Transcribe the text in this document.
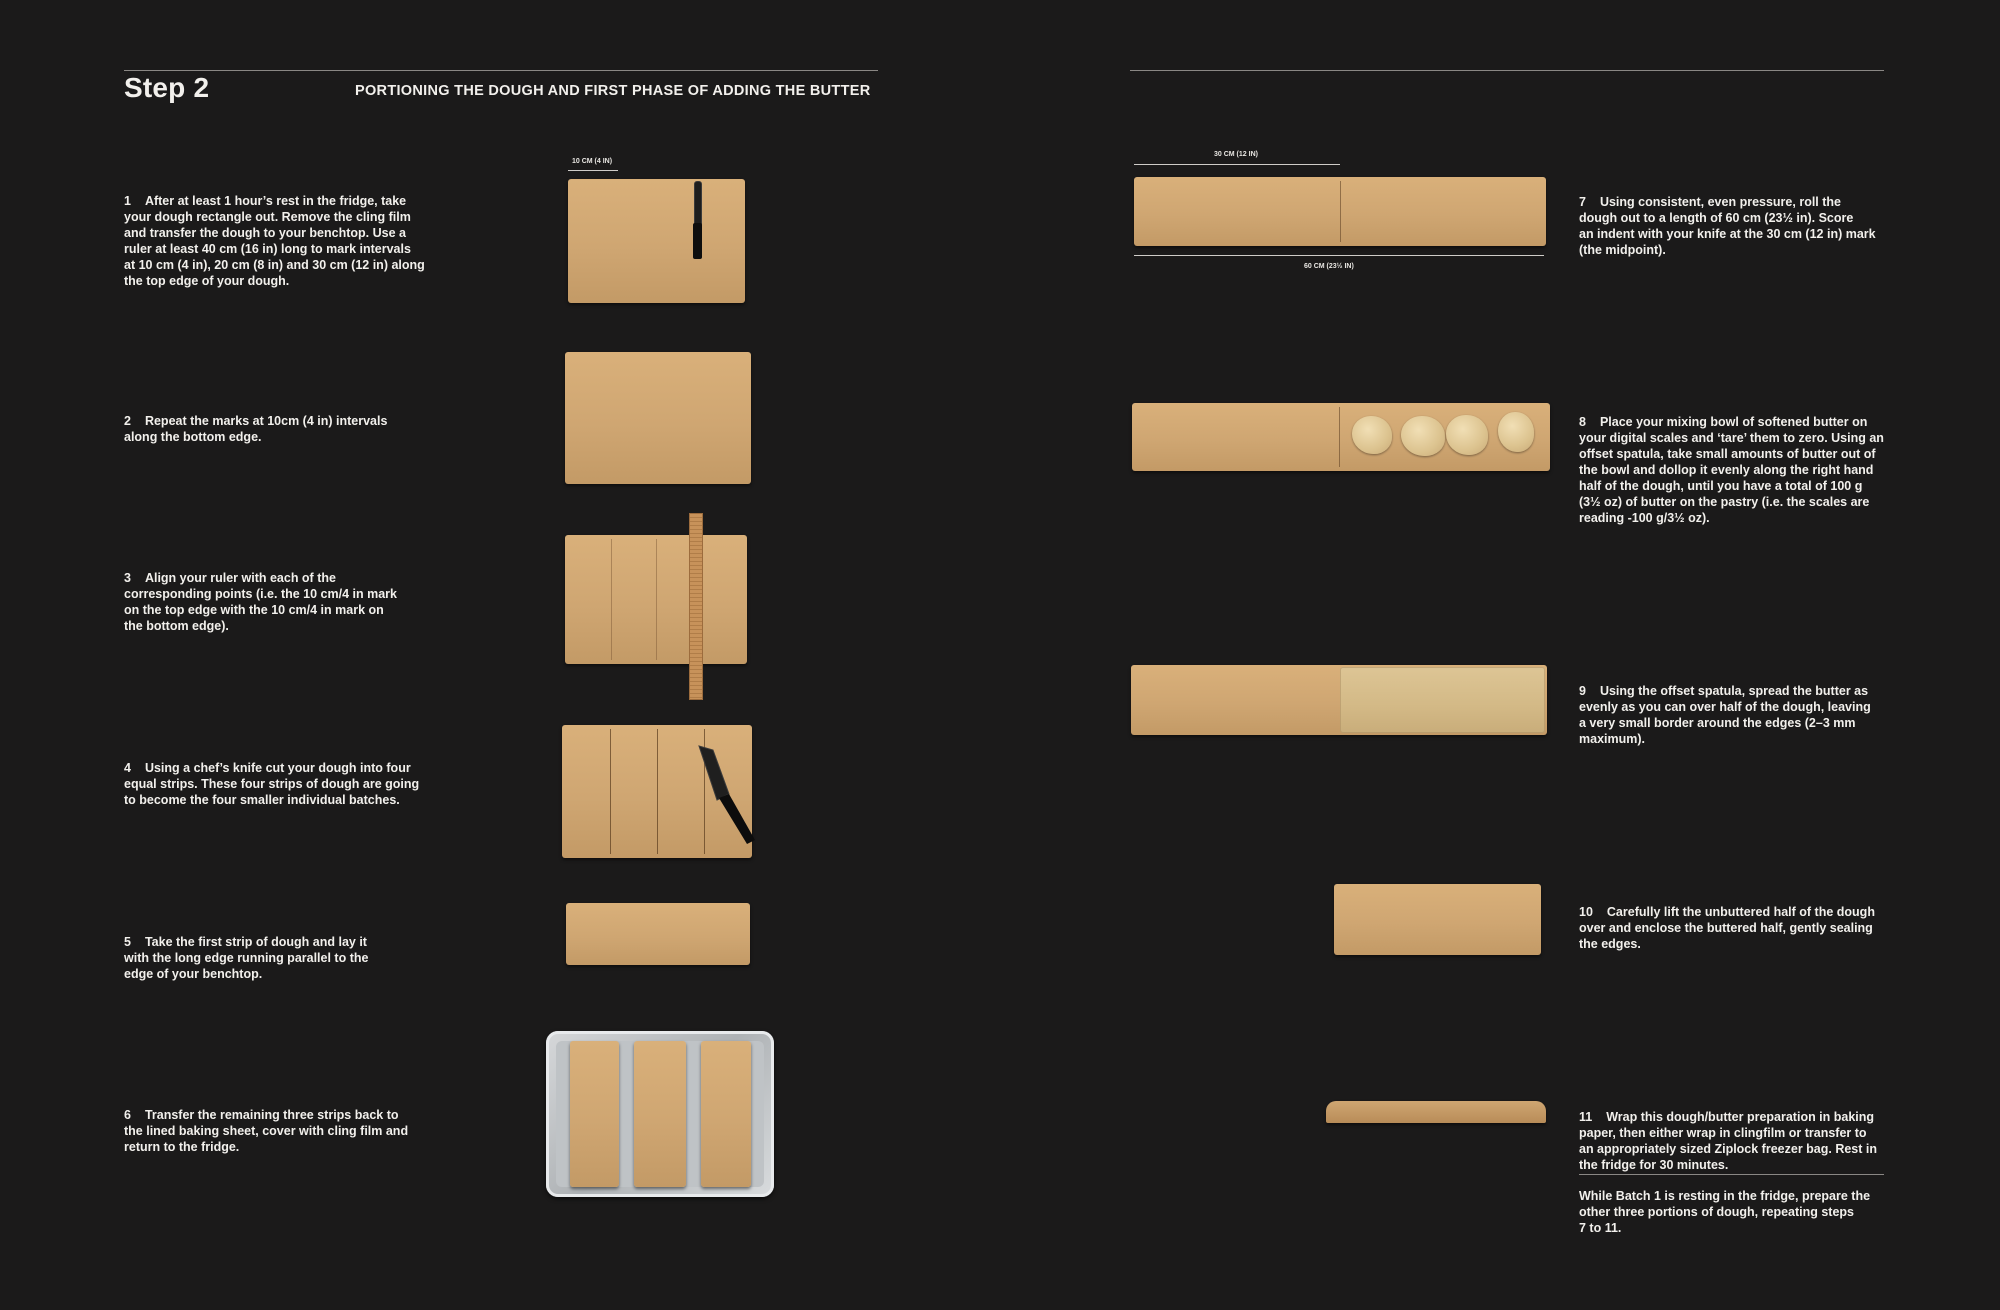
Step 2	PORTIONING THE DOUGH AND FIRST PHASE OF ADDING THE BUTTER

1 After at least 1 hour’s rest in the fridge, take
your dough rectangle out. Remove the cling film
and transfer the dough to your benchtop. Use a
ruler at least 40 cm (16 in) long to mark intervals
at 10 cm (4 in), 20 cm (8 in) and 30 cm (12 in) along
the top edge of your dough.

2 Repeat the marks at 10cm (4 in) intervals
along the bottom edge.

3 Align your ruler with each of the
corresponding points (i.e. the 10 cm/4 in mark
on the top edge with the 10 cm/4 in mark on
the bottom edge).

4 Using a chef’s knife cut your dough into four
equal strips. These four strips of dough are going
to become the four smaller individual batches.

5 Take the first strip of dough and lay it
with the long edge running parallel to the
edge of your benchtop.

6 Transfer the remaining three strips back to
the lined baking sheet, cover with cling film and
return to the fridge.

10 CM (4 IN)
30 CM (12 IN)
60 CM (23½ IN)

7 Using consistent, even pressure, roll the
dough out to a length of 60 cm (23½ in). Score
an indent with your knife at the 30 cm (12 in) mark
(the midpoint).

8 Place your mixing bowl of softened butter on
your digital scales and ‘tare’ them to zero. Using an
offset spatula, take small amounts of butter out of
the bowl and dollop it evenly along the right hand
half of the dough, until you have a total of 100 g
(3½ oz) of butter on the pastry (i.e. the scales are
reading -100 g/3½ oz).

9 Using the offset spatula, spread the butter as
evenly as you can over half of the dough, leaving
a very small border around the edges (2–3 mm
maximum).

10 Carefully lift the unbuttered half of the dough
over and enclose the buttered half, gently sealing
the edges.

11 Wrap this dough/butter preparation in baking
paper, then either wrap in clingfilm or transfer to
an appropriately sized Ziplock freezer bag. Rest in
the fridge for 30 minutes.

While Batch 1 is resting in the fridge, prepare the
other three portions of dough, repeating steps
7 to 11.
